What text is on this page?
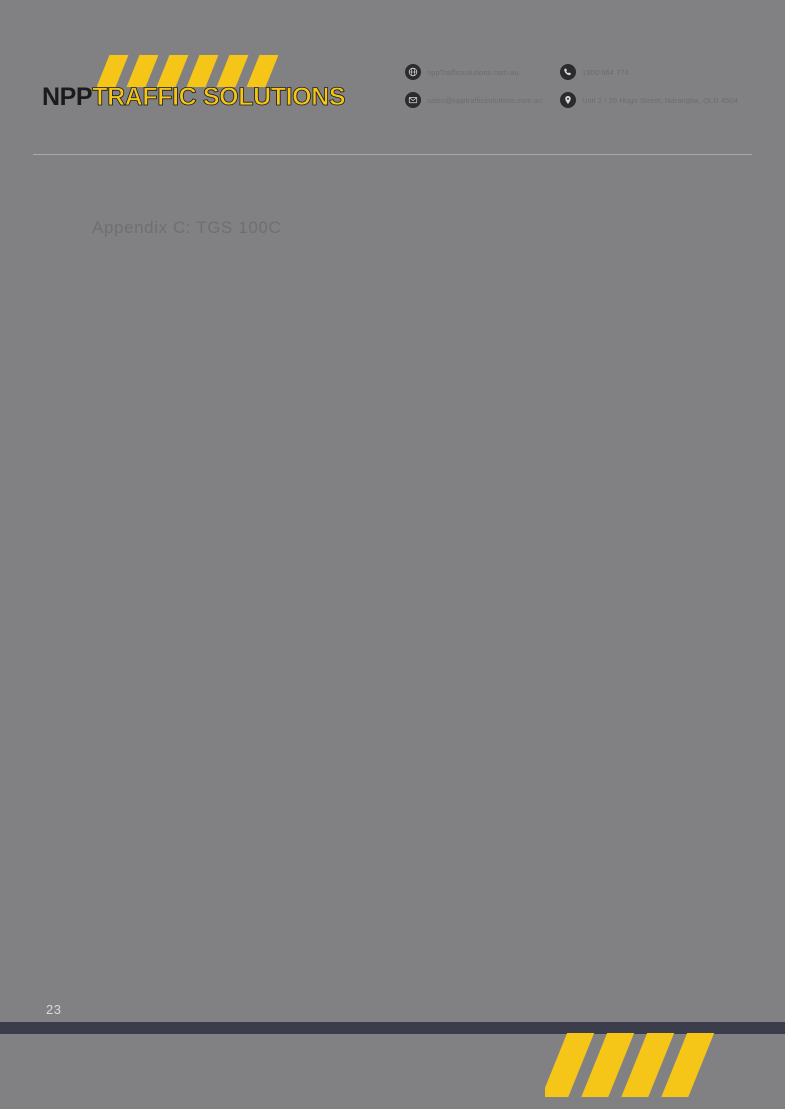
NPPTRAFFIC SOLUTIONS
nppTrafficsolutions.com.au	1300 664 774
sales@npptrafficsolutions.com.au	Unit 2 / 26 Hugo Street, Narangba, QLD 4504
Appendix C: TGS 100C
23
